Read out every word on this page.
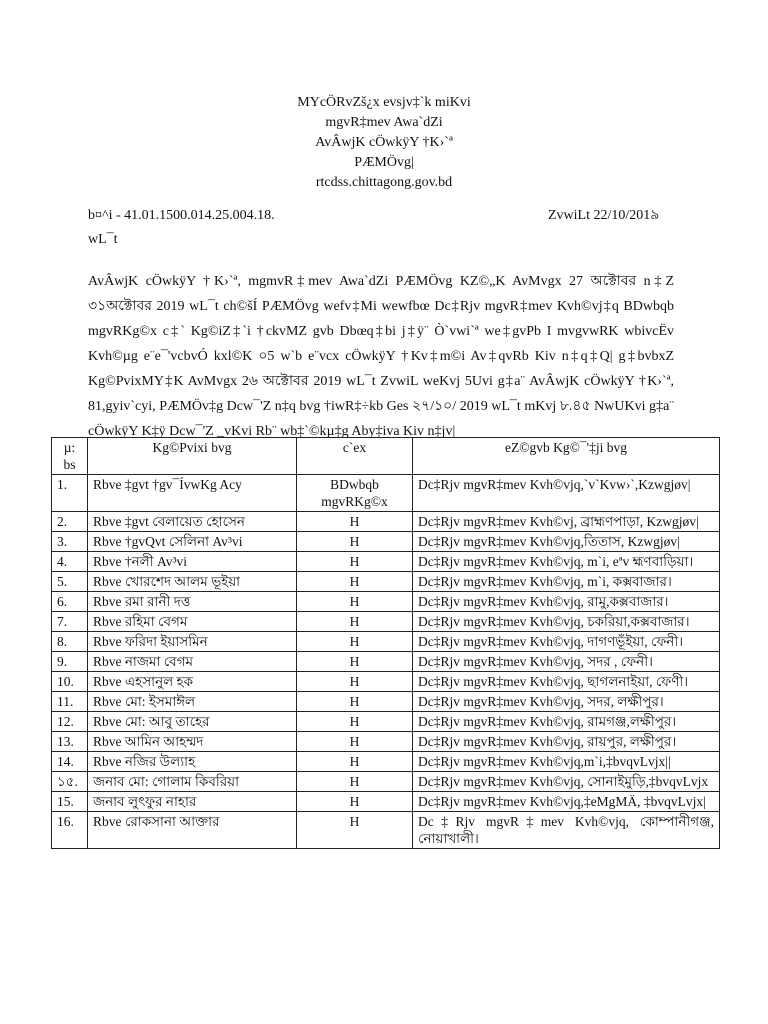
MYcÖRvZš¿x evsjv‡`k miKvi
mgvR‡mev Awa`dZi
AvÂwjK cÖwkÿY †K›`ª
PÆMÖvg|
rtcdss.chittagong.gov.bd
b¤^i - 41.01.1500.014.25.004.18.	ZvwiLt 22/10/201৯
wL¯t

AvÂwjK cÖwkÿY †K›`ª, mgmvR‡mev Awa`dZi PÆMÖvg KZ©„K AvMvgx 27 অক্টোবর n‡Z ৩১অক্টোবর 2019 wL¯t ch©šÍ PÆMÖvg wefv‡Mi wewfbœ Dc‡Rjv mgvR‡mev Kvh©vj‡q BDwbqb mgvRKg©x c‡` Kg©iZ‡`i †ckvMZ gvb Dbœq‡bi j‡ÿ¨ Ò`vwi`ª we‡gvPb I mvgvwRK wbivcËv Kvh©µg e¨e¯'vcbvÓ kxl©K ০5 w`b e¨vcx cÖwkÿY †Kv‡m©i Av‡qvRb Kiv n‡q‡Q| g‡bvbxZ Kg©PvixMY‡K AvMvgx 2৬ অক্টোবর 2019 wL¯t ZvwiL weKvj 5Uvi g‡a¨ AvÂwjK cÖwkÿY †K›`ª, 81,gyiv`cyi, PÆMÖv‡g Dcw¯'Z n‡q bvg †iwR‡÷kb Ges ২৭/১০/ 2019 wL¯t mKvj ৮.৪৫ NwUKvi g‡a¨ cÖwkÿY K‡ÿ Dcw¯'Z _vKvi Rb¨ wb‡`©kµ‡g Aby‡iva Kiv n‡jv|

µ: bs	Kg©Pvixi bvg	c`ex	eZ©gvb Kg©¯'‡ji bvg
1.	Rbve ‡gvt †gv¯ÍvwKg Acy	BDwbqb mgvRKg©x	Dc‡Rjv mgvR‡mev Kvh©vjq,`v`Kvw›`,Kzwgjøv|
2.	Rbve ‡gvt বেলায়েত হোসেন	H	Dc‡Rjv mgvR‡mev Kvh©vj, ব্রাহ্মণপাড়া, Kzwgjøv|
3.	Rbve †gvQvt সেলিনা Av³vi	H	Dc‡Rjv mgvR‡mev Kvh©vjq,তিতাস, Kzwgjøv|
4.	Rbve †নলী Av³vi	H	Dc‡Rjv mgvR‡mev Kvh©vjq, m`i, eªv হ্মণবাড়িয়া।
5.	Rbve খোরশেদ আলম ভূইয়া	H	Dc‡Rjv mgvR‡mev Kvh©vjq, m`i, কক্সবাজার।
6.	Rbve রমা রানী দত্ত	H	Dc‡Rjv mgvR‡mev Kvh©vjq, রামু,কক্সবাজার।
7.	Rbve রহিমা বেগম	H	Dc‡Rjv mgvR‡mev Kvh©vjq, চকরিয়া,কক্সবাজার।
8.	Rbve ফরিদা ইয়াসমিন	H	Dc‡Rjv mgvR‡mev Kvh©vjq, দাগণভূঁইয়া, ফেনী।
9.	Rbve নাজমা বেগম	H	Dc‡Rjv mgvR‡mev Kvh©vjq, সদর , ফেনী।
10.	Rbve এহসানুল হক	H	Dc‡Rjv mgvR‡mev Kvh©vjq, ছাগলনাইয়া, ফেণী।
11.	Rbve মো: ইসমাঈল	H	Dc‡Rjv mgvR‡mev Kvh©vjq, সদর, লক্ষীপুর।
12.	Rbve মো: আবু তাহের	H	Dc‡Rjv mgvR‡mev Kvh©vjq, রামগঞ্জ,লক্ষীপুর।
13.	Rbve আমিন আহম্মদ	H	Dc‡Rjv mgvR‡mev Kvh©vjq, রায়পুর, লক্ষীপুর।
14.	Rbve নজির উল্যাহ	H	Dc‡Rjv mgvR‡mev Kvh©vjq,m`i,‡bvqvLvjx||
১৫.	জনাব মো: গোলাম কিবরিয়া	H	Dc‡Rjv mgvR‡mev Kvh©vjq, সোনাইমুড়ি,‡bvqvLvjx
15.	জনাব লুৎফুর নাহার	H	Dc‡Rjv mgvR‡mev Kvh©vjq,‡eMgMÄ, ‡bvqvLvjx|
16.	Rbve রোকসানা আক্তার	H	Dc‡Rjv mgvR‡mev Kvh©vjq, কোম্পানীগঞ্জ, নোয়াখালী।
